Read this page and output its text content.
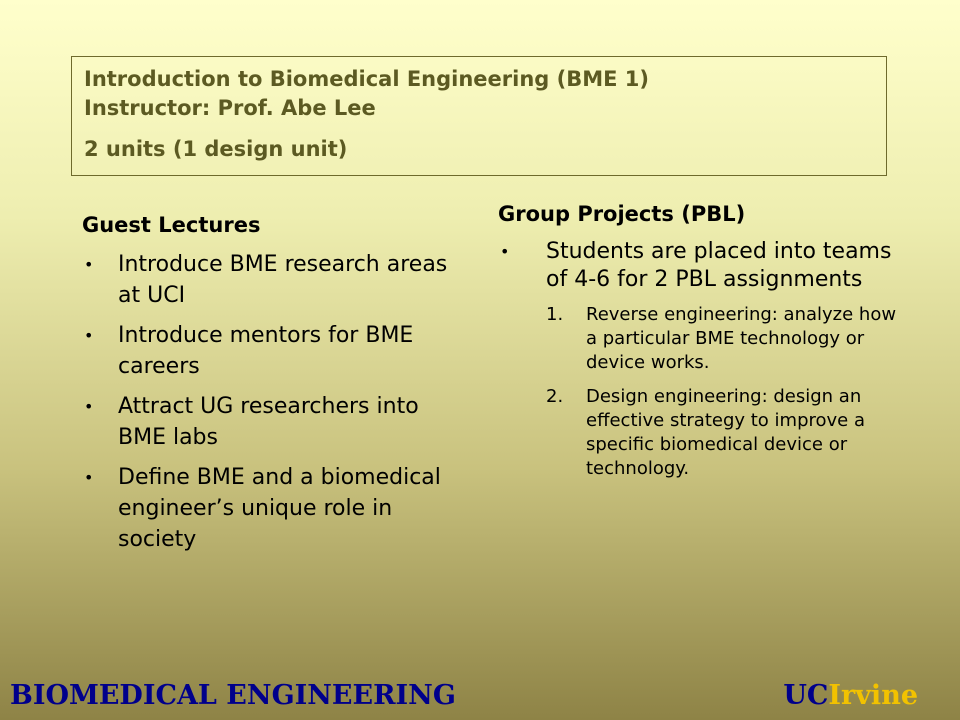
Introduction to Biomedical Engineering (BME 1)
Instructor: Prof. Abe Lee
2 units (1 design unit)
Guest Lectures
• Introduce BME research areas at UCI
• Introduce mentors for BME careers
• Attract UG researchers into BME labs
• Define BME and a biomedical engineer’s unique role in society
Group Projects (PBL)
• Students are placed into teams of 4-6 for 2 PBL assignments
1. Reverse engineering: analyze how a particular BME technology or device works.
2. Design engineering: design an effective strategy to improve a specific biomedical device or technology.
BIOMEDICAL ENGINEERING	UCIrvine
